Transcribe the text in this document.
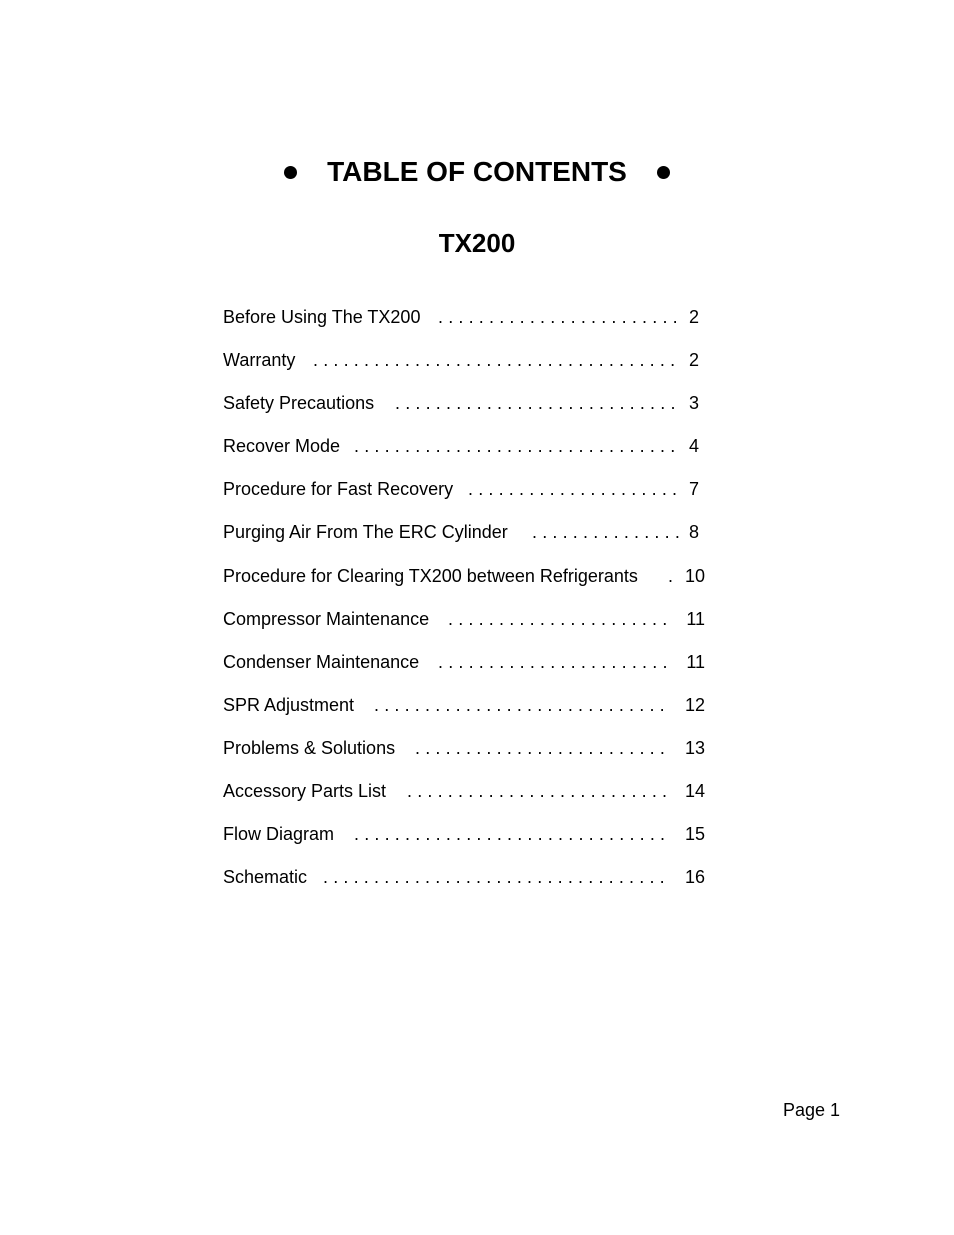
TABLE OF CONTENTS
TX200
Before Using The TX200 . . . . . . . . . . . . . . . . . . . . . . . . 2
Warranty . . . . . . . . . . . . . . . . . . . . . . . . . . . . . . . . . . . . 2
Safety Precautions . . . . . . . . . . . . . . . . . . . . . . . . . . . . 3
Recover Mode . . . . . . . . . . . . . . . . . . . . . . . . . . . . . . . . 4
Procedure for Fast Recovery . . . . . . . . . . . . . . . . . . . . . 7
Purging Air From The ERC Cylinder . . . . . . . . . . . . . . . 8
Procedure for Clearing TX200 between Refrigerants . 10
Compressor Maintenance . . . . . . . . . . . . . . . . . . . . . . 11
Condenser Maintenance . . . . . . . . . . . . . . . . . . . . . . . 11
SPR Adjustment . . . . . . . . . . . . . . . . . . . . . . . . . . . . . 12
Problems & Solutions . . . . . . . . . . . . . . . . . . . . . . . . . 13
Accessory Parts List . . . . . . . . . . . . . . . . . . . . . . . . . . 14
Flow Diagram . . . . . . . . . . . . . . . . . . . . . . . . . . . . . . . 15
Schematic . . . . . . . . . . . . . . . . . . . . . . . . . . . . . . . . . . 16
Page 1
